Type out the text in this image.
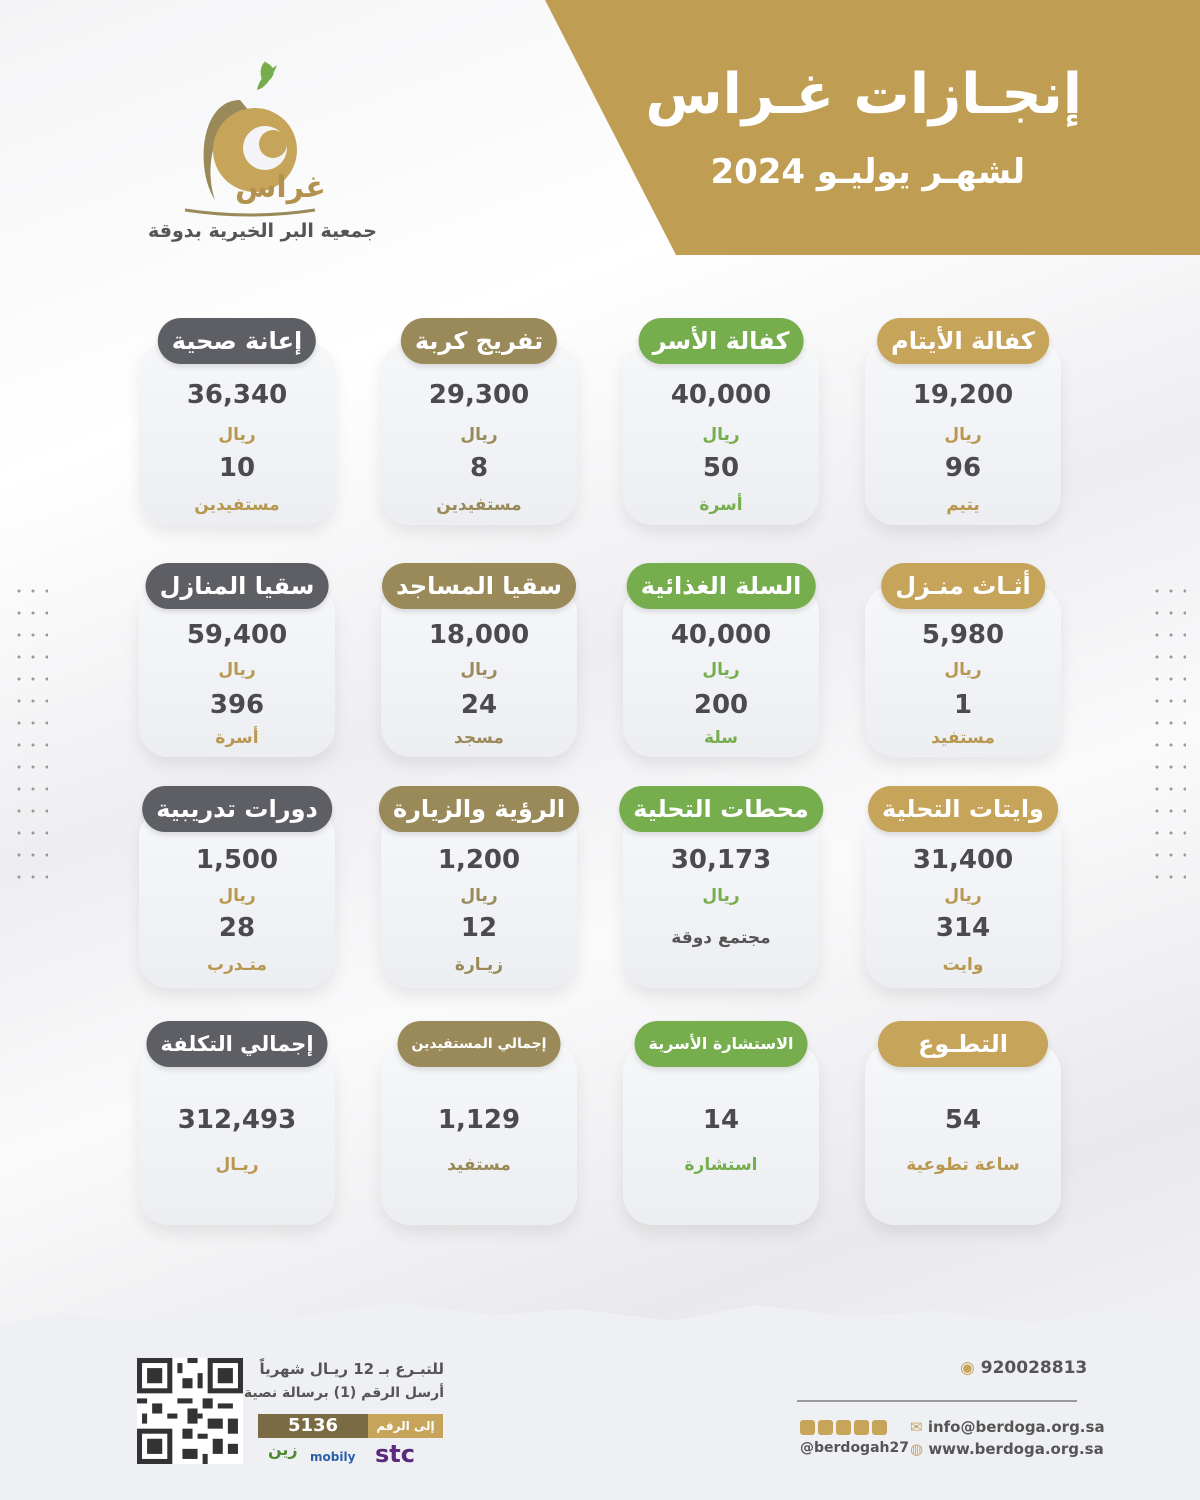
إنجـازات غـراس
لشهـر يوليـو 2024
غراس
جمعية البر الخيرية بدوقة
كفالة الأيتام
19,200
ريال
96
يتيم
كفالة الأسر
40,000
ريال
50
أسرة
تفريج كربة
29,300
ريال
8
مستفيدين
إعانة صحية
36,340
ريال
10
مستفيدين
أثـاث منـزل
5,980
ريال
1
مستفيد
السلة الغذائية
40,000
ريال
200
سلة
سقيا المساجد
18,000
ريال
24
مسجد
سقيا المنازل
59,400
ريال
396
أسرة
وايتات التحلية
31,400
ريال
314
وايت
محطات التحلية
30,173
ريال
مجتمع دوقة
الرؤية والزيارة
1,200
ريال
12
زيـارة
دورات تدريبية
1,500
ريال
28
متـدرب
التطـوع
54
ساعة تطوعية
الاستشارة الأسرية
14
استشارة
إجمالي المستفيدين
1,129
مستفيد
إجمالي التكلفة
312,493
ريـال
للتبـرع بـ 12 ريـال شهرياً
أرسل الرقم (1) برسالة نصية
5136	إلى الرقم
stc
mobily
زين
◉ 920028813
✉ info@berdoga.org.sa
◍ www.berdoga.org.sa
@berdogah27
